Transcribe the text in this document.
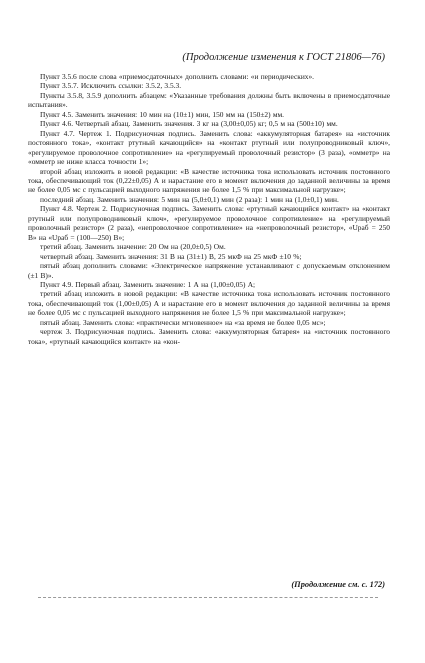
(Продолжение изменения к ГОСТ 21806—76)

Пункт 3.5.6 после слова «приемосдаточных» дополнить словами: «и периодических».

Пункт 3.5.7. Исключить ссылки: 3.5.2, 3.5.3.

Пункты 3.5.8, 3.5.9 дополнить абзацем: «Указанные требования должны быть включены в приемосдаточные испытания».

Пункт 4.5. Заменить значения: 10 мин на (10±1) мин, 150 мм на (150±2) мм.

Пункт 4.6. Четвертый абзац. Заменить значения. 3 кг на (3,00±0,05) кг; 0,5 м на (500±10) мм.

Пункт 4.7. Чертеж 1. Подрисуночная подпись. Заменить слова: «аккумуляторная батарея» на «источник постоянного тока», «контакт ртутный качающийся» на «контакт ртутный или полупроводниковый ключ», «регулируемое проволочное сопротивление» на «регулируемый проволочный резистор» (3 раза), «омметр» на «омметр не ниже класса точности 1»;

второй абзац изложить в новой редакции: «В качестве источника тока использовать источник постоянного тока, обеспечивающий ток (0,22±0,05) А и нарастание его в момент включения до заданной величины за время не более 0,05 мс с пульсацией выходного напряжения не более 1,5 % при максимальной нагрузке»;

последний абзац. Заменить значения: 5 мин на (5,0±0,1) мин (2 раза): 1 мин на (1,0±0,1) мин.

Пункт 4.8. Чертеж 2. Подрисуночная подпись. Заменить слова: «ртутный качающийся контакт» на «контакт ртутный или полупроводниковый ключ», «регулируемое проволочное сопротивление» на «регулируемый проволочный резистор» (2 раза), «непроволочное сопротивление» на «непроволочный резистор», «Uраб = 250 В» на «Uраб = (100—250) В»;

третий абзац. Заменить значение: 20 Ом на (20,0±0,5) Ом.

четвертый абзац. Заменить значения: 31 В на (31±1) В, 25 мкФ на 25 мкФ ±10 %;

пятый абзац дополнить словами: «Электрическое напряжение устанавливают с допускаемым отклонением (±1 В)».

Пункт 4.9. Первый абзац. Заменить значение: 1 А на (1,00±0,05) А;

третий абзац изложить в новой редакции: «В качестве источника тока использовать источник постоянного тока, обеспечивающий ток (1,00±0,05) А и нарастание его в момент включения до заданной величины за время не более 0,05 мс с пульсацией выходного напряжения не более 1,5 % при максимальной нагрузке»;

пятый абзац. Заменить слова: «практически мгновенное» на «за время не более 0,05 мс»;

чертеж 3. Подрисуночная подпись. Заменить слова: «аккумуляторная батарея» на «источник постоянного тока», «ртутный качающийся контакт» на «кон-

(Продолжение см. с. 172)
